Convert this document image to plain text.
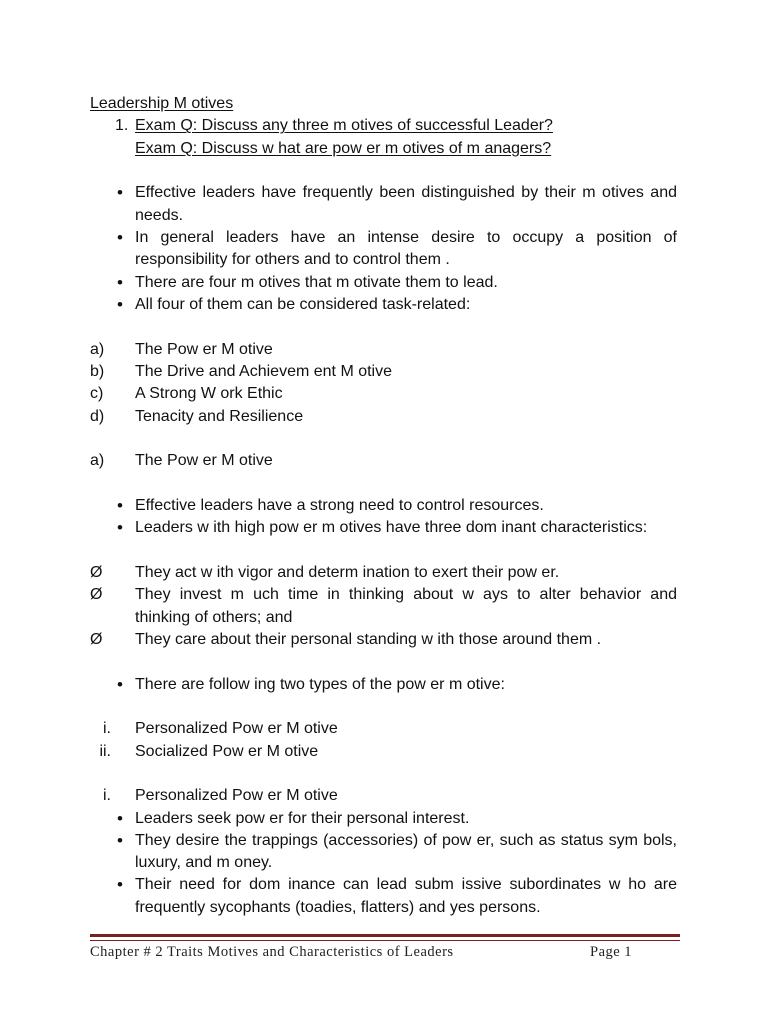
Leadership M otives
1. Exam Q: Discuss any three m otives of successful Leader?
Exam Q: Discuss w hat are pow er m otives of m anagers?
• Effective leaders have frequently been distinguished by their m otives and
needs.
• In general leaders have an intense desire to occupy a position of
responsibility for others and to control them .
• There are four m otives that m otivate them to lead.
• All four of them can be considered task-related:
a) The Pow er M otive
b) The Drive and Achievem ent M otive
c) A Strong W ork Ethic
d) Tenacity and Resilience
a) The Pow er M otive
• Effective leaders have a strong need to control resources.
• Leaders w ith high pow er m otives have three dom inant characteristics:
Ø They act w ith vigor and determ ination to exert their pow er.
Ø They invest m uch time in thinking about w ays to alter behavior and
thinking of others; and
Ø They care about their personal standing w ith those around them .
• There are follow ing two types of the pow er m otive:
i. Personalized Pow er M otive
ii. Socialized Pow er M otive
i. Personalized Pow er M otive
• Leaders seek pow er for their personal interest.
• They desire the trappings (accessories) of pow er, such as status sym bols,
luxury, and m oney.
• Their need for dom inance can lead subm issive subordinates w ho are
frequently sycophants (toadies, flatters) and yes persons.
Chapter # 2 Traits Motives and Characteristics of Leaders	Page 1
